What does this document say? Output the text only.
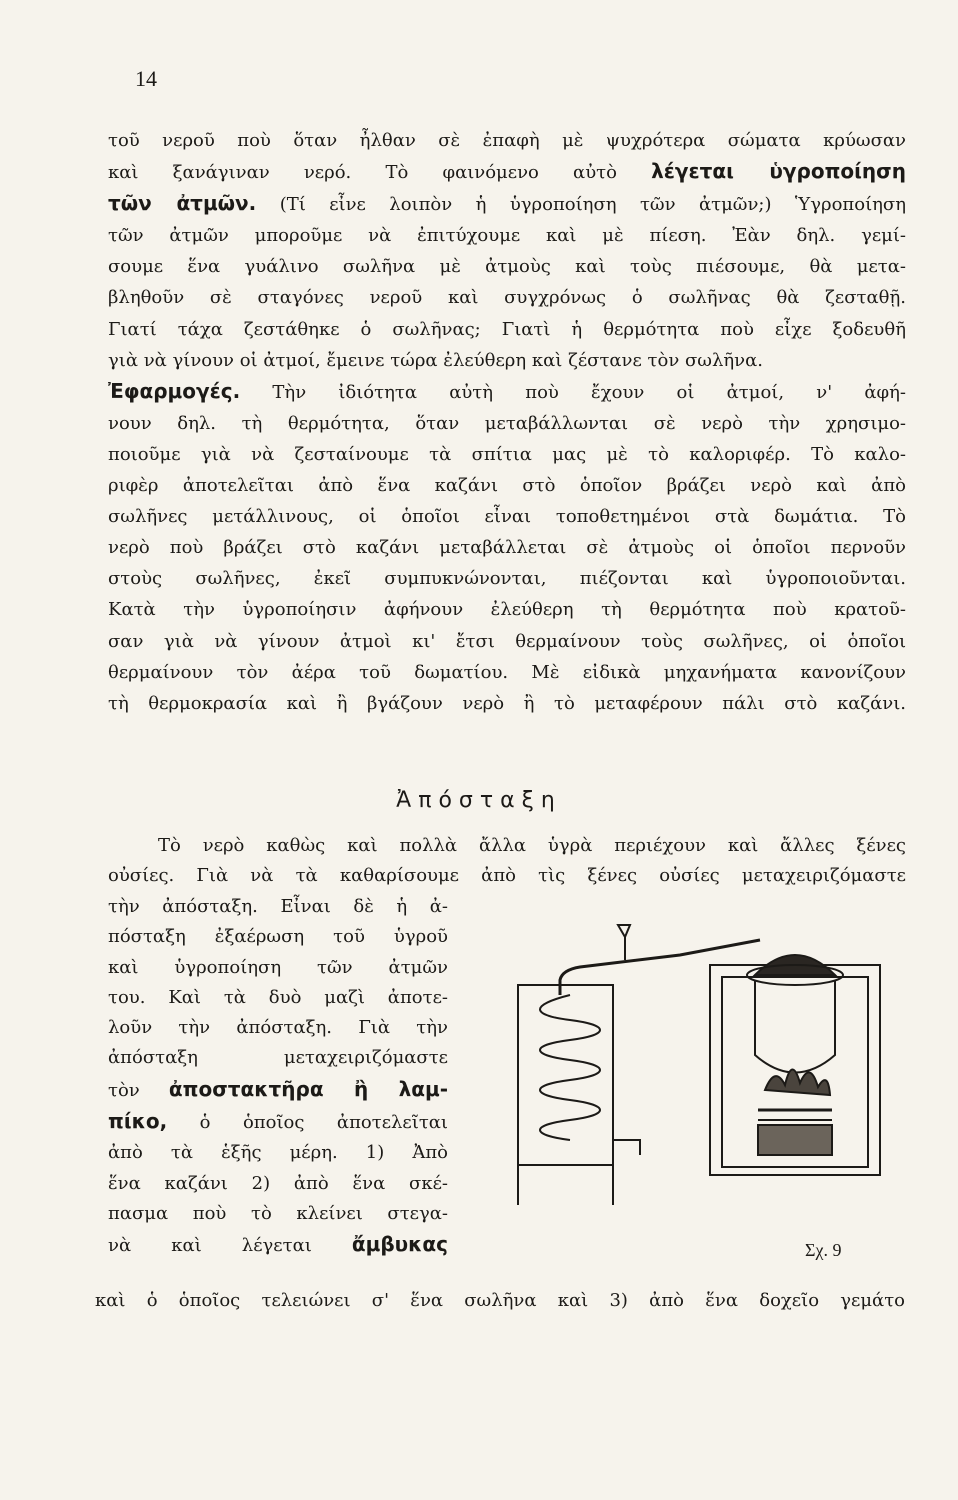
14
τοῦ νεροῦ ποὺ ὅταν ἦλθαν σὲ ἐπαφὴ μὲ ψυχρότερα σώματα κρύωσαν
καὶ ξανάγιναν νερό. Τὸ φαινόμενο αὐτὸ λέγεται ὑγροποίηση
τῶν ἀτμῶν. (Τί εἶνε λοιπὸν ἡ ὑγροποίηση τῶν ἀτμῶν;) Ὑγροποίηση
τῶν ἀτμῶν μποροῦμε νὰ ἐπιτύχουμε καὶ μὲ πίεση. Ἐὰν δηλ. γεμί-
σουμε ἕνα γυάλινο σωλῆνα μὲ ἀτμοὺς καὶ τοὺς πιέσουμε, θὰ μετα-
βληθοῦν σὲ σταγόνες νεροῦ καὶ συγχρόνως ὁ σωλῆνας θὰ ζεσταθῇ.
Γιατί τάχα ζεστάθηκε ὁ σωλῆνας; Γιατὶ ἡ θερμότητα ποὺ εἶχε ξοδευθῆ
γιὰ νὰ γίνουν οἱ ἀτμοί, ἔμεινε τώρα ἐλεύθερη καὶ ζέστανε τὸν σωλῆνα.
Ἐφαρμογές. Τὴν ἰδιότητα αὐτὴ ποὺ ἔχουν οἱ ἀτμοί, ν' ἀφή-
νουν δηλ. τὴ θερμότητα, ὅταν μεταβάλλωνται σὲ νερὸ τὴν χρησιμο-
ποιοῦμε γιὰ νὰ ζεσταίνουμε τὰ σπίτια μας μὲ τὸ καλοριφέρ. Τὸ καλο-
ριφὲρ ἀποτελεῖται ἀπὸ ἕνα καζάνι στὸ ὁποῖον βράζει νερὸ καὶ ἀπὸ
σωλῆνες μετάλλινους, οἱ ὁποῖοι εἶναι τοποθετημένοι στὰ δωμάτια. Τὸ
νερὸ ποὺ βράζει στὸ καζάνι μεταβάλλεται σὲ ἀτμοὺς οἱ ὁποῖοι περνοῦν
στοὺς σωλῆνες, ἐκεῖ συμπυκνώνονται, πιέζονται καὶ ὑγροποιοῦνται.
Κατὰ τὴν ὑγροποίησιν ἀφήνουν ἐλεύθερη τὴ θερμότητα ποὺ κρατοῦ-
σαν γιὰ νὰ γίνουν ἀτμοὶ κι' ἔτσι θερμαίνουν τοὺς σωλῆνες, οἱ ὁποῖοι
θερμαίνουν τὸν ἀέρα τοῦ δωματίου. Μὲ εἰδικὰ μηχανήματα κανονίζουν
τὴ θερμοκρασία καὶ ἢ βγάζουν νερὸ ἢ τὸ μεταφέρουν πάλι στὸ καζάνι.
Ἀπόσταξη
Τὸ νερὸ καθὼς καὶ πολλὰ ἄλλα ὑγρὰ περιέχουν καὶ ἄλλες ξένες
οὐσίες. Γιὰ νὰ τὰ καθαρίσουμε ἀπὸ τὶς ξένες οὐσίες μεταχειριζόμαστε
τὴν ἀπόσταξη. Εἶναι δὲ ἡ ἀ-
πόσταξη ἐξαέρωση τοῦ ὑγροῦ
καὶ ὑγροποίηση τῶν ἀτμῶν
του. Καὶ τὰ δυὸ μαζὶ ἀποτε-
λοῦν τὴν ἀπόσταξη. Γιὰ τὴν
ἀπόσταξη μεταχειριζόμαστε
τὸν ἀποστακτῆρα ἢ λαμ-
πίκο, ὁ ὁποῖος ἀποτελεῖται
ἀπὸ τὰ ἑξῆς μέρη. 1) Ἀπὸ
ἕνα καζάνι 2) ἀπὸ ἕνα σκέ-
πασμα ποὺ τὸ κλείνει στεγα-
νὰ καὶ λέγεται ἄμβυκας
καὶ ὁ ὁποῖος τελειώνει σ' ἕνα σωλῆνα καὶ 3) ἀπὸ ἕνα δοχεῖο γεμάτο
Σχ. 9
